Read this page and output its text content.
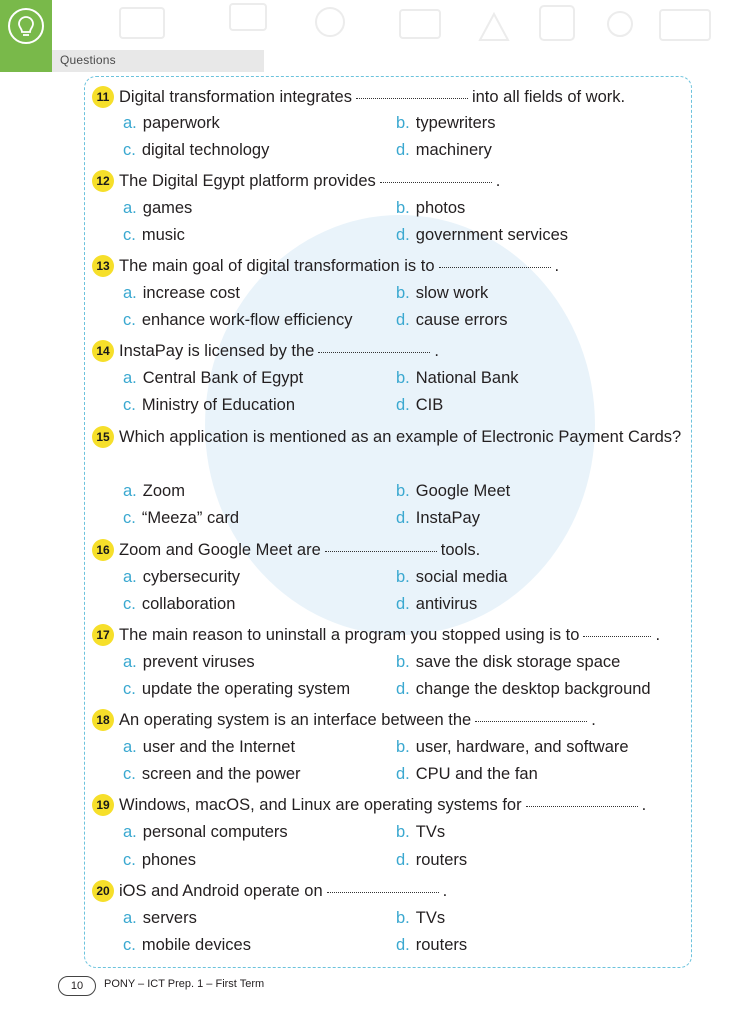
Questions
11 Digital transformation integrates	into all fields of work.
a. paperwork	b. typewriters
c. digital technology	d. machinery
12 The Digital Egypt platform provides	.
a. games	b. photos
c. music	d. government services
13 The main goal of digital transformation is to	.
a. increase cost	b. slow work
c. enhance work-flow efficiency	d. cause errors
14 InstaPay is licensed by the	.
a. Central Bank of Egypt	b. National Bank
c. Ministry of Education	d. CIB
15 Which application is mentioned as an example of Electronic Payment Cards?
a. Zoom	b. Google Meet
c. “Meeza” card	d. InstaPay
16 Zoom and Google Meet are	tools.
a. cybersecurity	b. social media
c. collaboration	d. antivirus
17 The main reason to uninstall a program you stopped using is to	.
a. prevent viruses	b. save the disk storage space
c. update the operating system	d. change the desktop background
18 An operating system is an interface between the	.
a. user and the Internet	b. user, hardware, and software
c. screen and the power	d. CPU and the fan
19 Windows, macOS, and Linux are operating systems for	.
a. personal computers	b. TVs
c. phones	d. routers
20 iOS and Android operate on	.
a. servers	b. TVs
c. mobile devices	d. routers
10	PONY – ICT Prep. 1 – First Term
